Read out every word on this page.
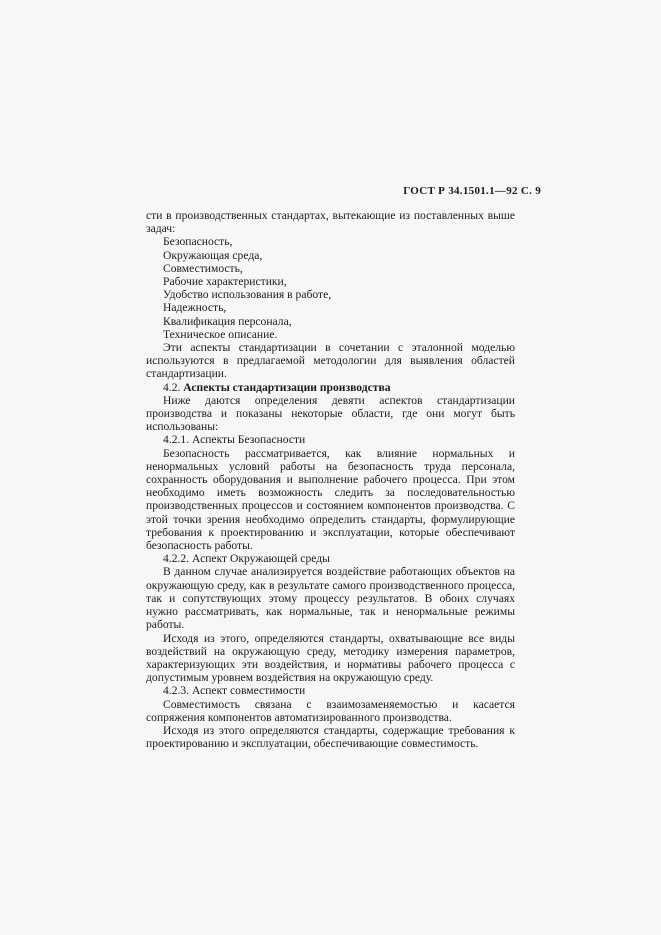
ГОСТ Р 34.1501.1—92 С. 9

сти в производственных стандартах, вытекающие из поставленных выше задач:

Безопасность,

Окружающая среда,

Совместимость,

Рабочие характеристики,

Удобство использования в работе,

Надежность,

Квалификация персонала,

Техническое описание.

Эти аспекты стандартизации в сочетании с эталонной моделью используются в предлагаемой методологии для выявления областей стандартизации.

4.2. Аспекты стандартизации производства

Ниже даются определения девяти аспектов стандартизации производства и показаны некоторые области, где они могут быть использованы:

4.2.1. Аспекты Безопасности

Безопасность рассматривается, как влияние нормальных и ненормальных условий работы на безопасность труда персонала, сохранность оборудования и выполнение рабочего процесса. При этом необходимо иметь возможность следить за последовательностью производственных процессов и состоянием компонентов производства. С этой точки зрения необходимо определить стандарты, формулирующие требования к проектированию и эксплуатации, которые обеспечивают безопасность работы.

4.2.2. Аспект Окружающей среды

В данном случае анализируется воздействие работающих объектов на окружающую среду, как в результате самого производственного процесса, так и сопутствующих этому процессу результатов. В обоих случаях нужно рассматривать, как нормальные, так и ненормальные режимы работы.

Исходя из этого, определяются стандарты, охватывающие все виды воздействий на окружающую среду, методику измерения параметров, характеризующих эти воздействия, и нормативы рабочего процесса с допустимым уровнем воздействия на окружающую среду.

4.2.3. Аспект совместимости

Совместимость связана с взаимозаменяемостью и касается сопряжения компонентов автоматизированного производства.

Исходя из этого определяются стандарты, содержащие требования к проектированию и эксплуатации, обеспечивающие совместимость.
